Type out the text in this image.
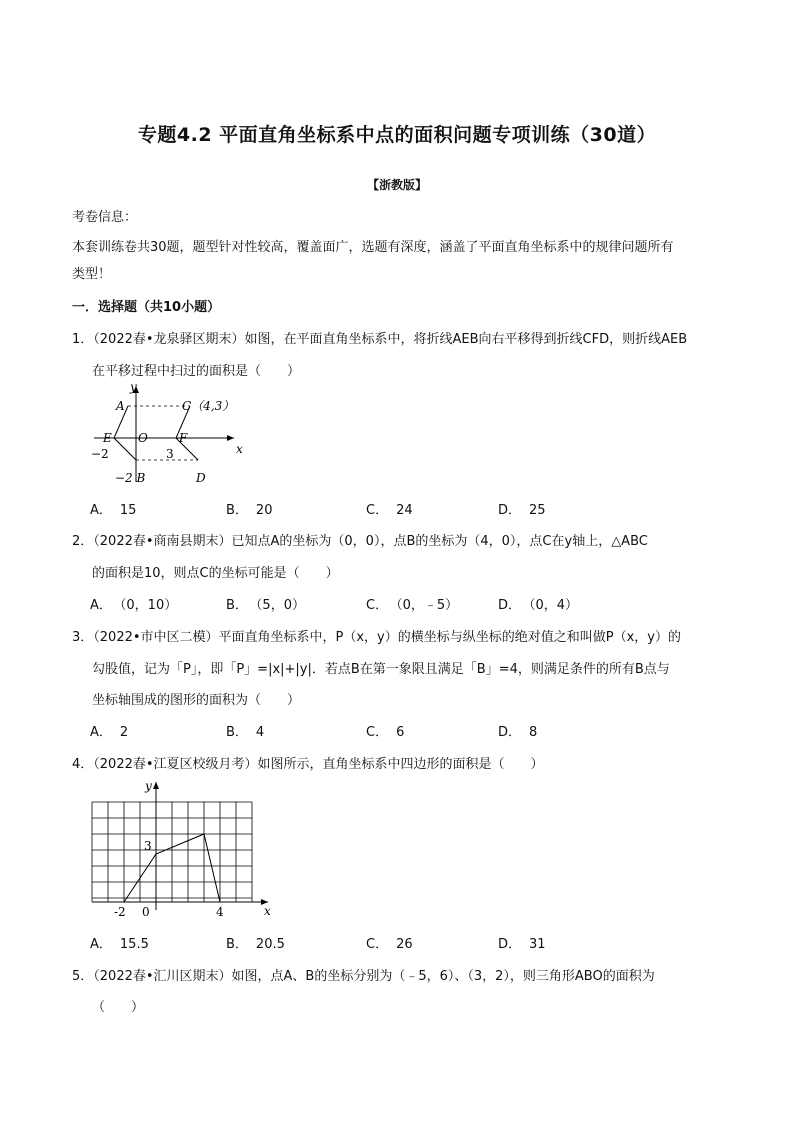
专题4.2 平面直角坐标系中点的面积问题专项训练（30道）
【浙教版】
考卷信息：
本套训练卷共30题，题型针对性较高，覆盖面广，选题有深度，涵盖了平面直角坐标系中的规律问题所有
类型！
一．选择题（共10小题）
1．（2022春•龙泉驿区期末）如图，在平面直角坐标系中，将折线AEB向右平移得到折线CFD，则折线AEB
在平移过程中扫过的面积是（　　）
y
x
A	C（4,3）
E O	F
−2	3
−2 B	D
A． 15	B． 20	C． 24	D． 25
2．（2022春•商南县期末）已知点A的坐标为（0，0），点B的坐标为（4，0），点C在y轴上，△ABC
的面积是10，则点C的坐标可能是（　　）
A． （0，10）	B． （5，0）	C． （0，﹣5）	D． （0，4）
3．（2022•市中区二模）平面直角坐标系中，P（x，y）的横坐标与纵坐标的绝对值之和叫做P（x，y）的
勾股值，记为「P」，即「P」=|x|+|y|．若点B在第一象限且满足「B」=4，则满足条件的所有B点与
坐标轴围成的图形的面积为（　　）
A． 2	B． 4	C． 6	D． 8
4．（2022春•江夏区校级月考）如图所示，直角坐标系中四边形的面积是（　　）
y
x
3
-2 0	4
A． 15.5	B． 20.5	C． 26	D． 31
5．（2022春•汇川区期末）如图，点A、B的坐标分别为（﹣5，6）、（3，2），则三角形ABO的面积为
（　　）
